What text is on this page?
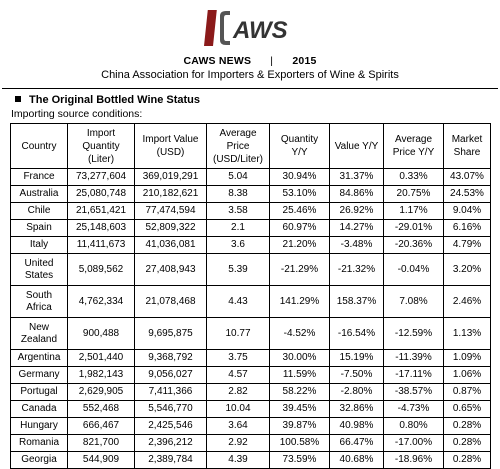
AWS
CAWS NEWS | 2015
China Association for Importers & Exporters of Wine & Spirits
The Original Bottled Wine Status
Importing source conditions:
Country	Import Quantity (Liter)	Import Value (USD)	Average Price (USD/Liter)	Quantity Y/Y	Value Y/Y	Average Price Y/Y	Market Share
France	73,277,604	369,019,291	5.04	30.94%	31.37%	0.33%	43.07%
Australia	25,080,748	210,182,621	8.38	53.10%	84.86%	20.75%	24.53%
Chile	21,651,421	77,474,594	3.58	25.46%	26.92%	1.17%	9.04%
Spain	25,148,603	52,809,322	2.1	60.97%	14.27%	-29.01%	6.16%
Italy	11,411,673	41,036,081	3.6	21.20%	-3.48%	-20.36%	4.79%
United States	5,089,562	27,408,943	5.39	-21.29%	-21.32%	-0.04%	3.20%
South Africa	4,762,334	21,078,468	4.43	141.29%	158.37%	7.08%	2.46%
New Zealand	900,488	9,695,875	10.77	-4.52%	-16.54%	-12.59%	1.13%
Argentina	2,501,440	9,368,792	3.75	30.00%	15.19%	-11.39%	1.09%
Germany	1,982,143	9,056,027	4.57	11.59%	-7.50%	-17.11%	1.06%
Portugal	2,629,905	7,411,366	2.82	58.22%	-2.80%	-38.57%	0.87%
Canada	552,468	5,546,770	10.04	39.45%	32.86%	-4.73%	0.65%
Hungary	666,467	2,425,546	3.64	39.87%	40.98%	0.80%	0.28%
Romania	821,700	2,396,212	2.92	100.58%	66.47%	-17.00%	0.28%
Georgia	544,909	2,389,784	4.39	73.59%	40.68%	-18.96%	0.28%
